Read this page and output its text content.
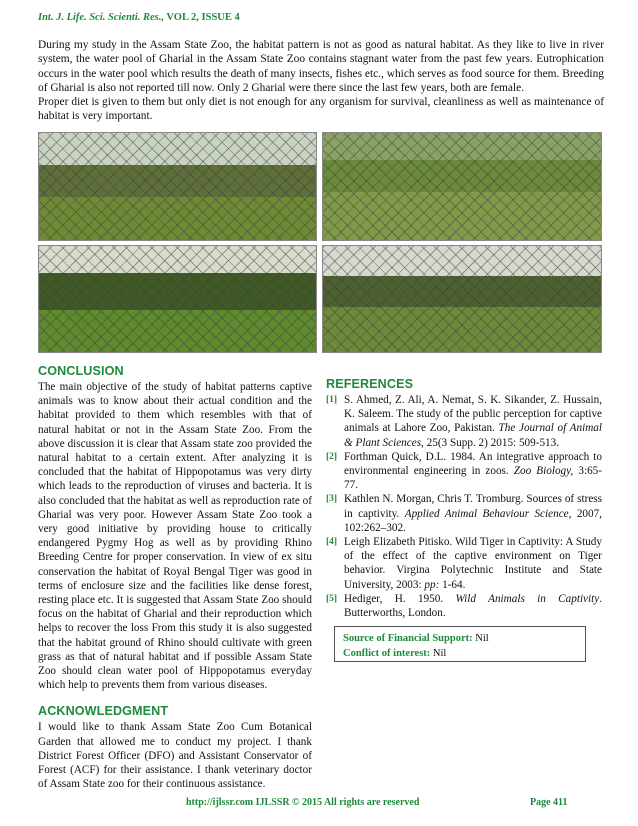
Int. J. Life. Sci. Scienti. Res., VOL 2, ISSUE 4

During my study in the Assam State Zoo, the habitat pattern is not as good as natural habitat. As they like to live in river system, the water pool of Gharial in the Assam State Zoo contains stagnant water from the past few years. Eutrophication occurs in the water pool which results the death of many insects, fishes etc., which serves as food source for them. Breeding of Gharial is also not reported till now. Only 2 Gharial were there since the last few years, both are female.

Proper diet is given to them but only diet is not enough for any organism for survival, cleanliness as well as maintenance of habitat is very important.

CONCLUSION

The main objective of the study of habitat patterns captive animals was to know about their actual condition and the habitat provided to them which resembles with that of natural habitat or not in the Assam State Zoo. From the above discussion it is clear that Assam state zoo provided the natural habitat to a certain extent. After analyzing it is concluded that the habitat of Hippopotamus was very dirty which leads to the reproduction of viruses and bacteria. It is also concluded that the habitat as well as reproduction rate of Gharial was very poor. However Assam State Zoo took a very good initiative by providing house to critically endangered Pygmy Hog as well as by providing Rhino Breeding Centre for proper conservation. In view of ex situ conservation the habitat of Royal Bengal Tiger was good in terms of enclosure size and the facilities like dense forest, resting place etc. It is suggested that Assam State Zoo should focus on the habitat of Gharial and their reproduction which helps to recover the loss From this study it is also suggested that the habitat ground of Rhino should cultivate with green grass as that of natural habitat and if possible Assam State Zoo should clean water pool of Hippopotamus everyday which help to prevents them from various diseases.

ACKNOWLEDGMENT

I would like to thank Assam State Zoo Cum Botanical Garden that allowed me to conduct my project. I thank District Forest Officer (DFO) and Assistant Conservator of Forest (ACF) for their assistance. I thank veterinary doctor of Assam State zoo for their continuous assistance.

REFERENCES
[1] S. Ahmed, Z. Ali, A. Nemat, S. K. Sikander, Z. Hussain, K. Saleem. The study of the public perception for captive animals at Lahore Zoo, Pakistan. The Journal of Animal & Plant Sciences, 25(3 Supp. 2) 2015: 509-513.
[2] Forthman Quick, D.L. 1984. An integrative approach to environmental engineering in zoos. Zoo Biology, 3:65-77.
[3] Kathlen N. Morgan, Chris T. Tromburg. Sources of stress in captivity. Applied Animal Behaviour Science, 2007, 102:262–302.
[4] Leigh Elizabeth Pitisko. Wild Tiger in Captivity: A Study of the effect of the captive environment on Tiger behavior. Virgina Polytechnic Institute and State University, 2003: pp: 1-64.
[5] Hediger, H. 1950. Wild Animals in Captivity. Butterworths, London.
Source of Financial Support: Nil
Conflict of interest: Nil
http://ijlssr.com IJLSSR © 2015 All rights are reserved	Page 411
